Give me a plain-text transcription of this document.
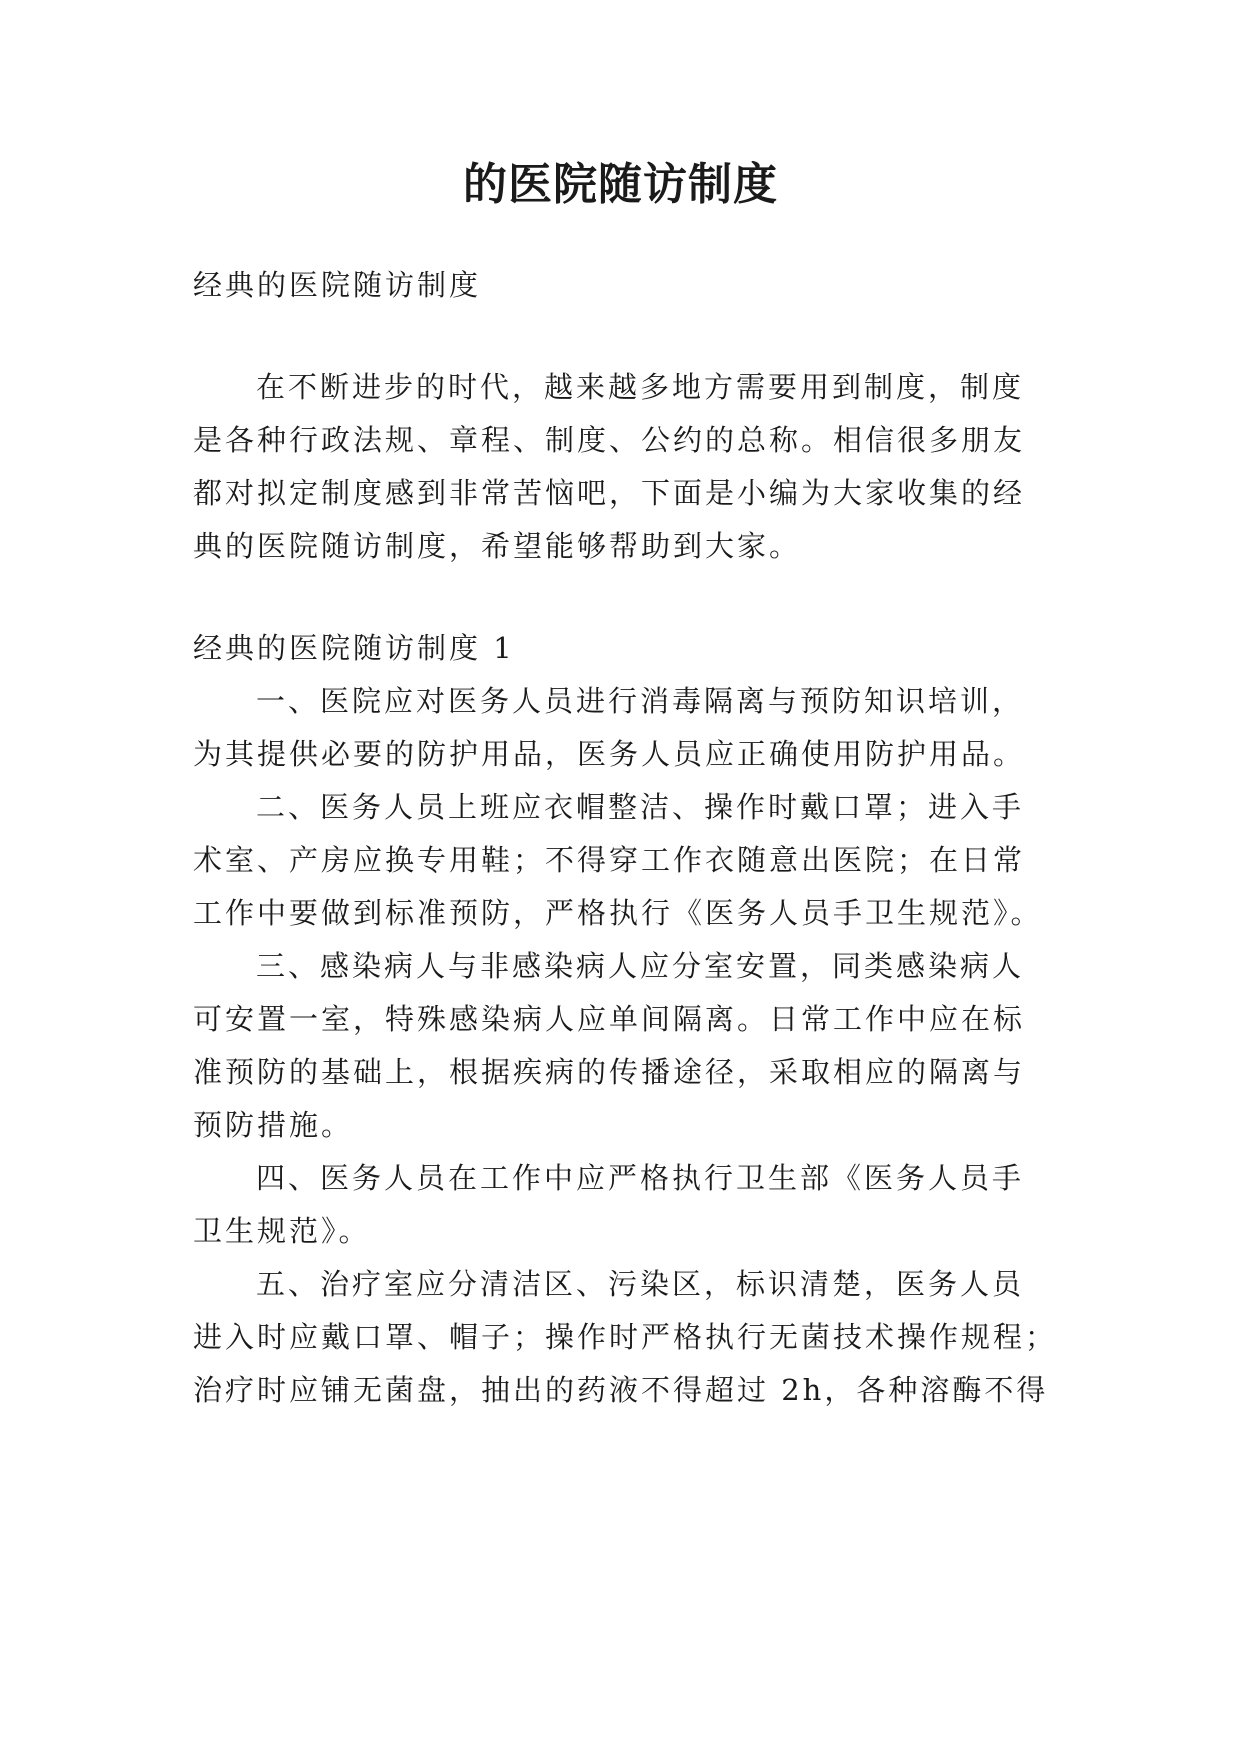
的医院随访制度
经典的医院随访制度
在不断进步的时代，越来越多地方需要用到制度，制度
是各种行政法规、章程、制度、公约的总称。相信很多朋友
都对拟定制度感到非常苦恼吧，下面是小编为大家收集的经
典的医院随访制度，希望能够帮助到大家。
经典的医院随访制度 1
一、医院应对医务人员进行消毒隔离与预防知识培训，
为其提供必要的防护用品，医务人员应正确使用防护用品。
二、医务人员上班应衣帽整洁、操作时戴口罩；进入手
术室、产房应换专用鞋；不得穿工作衣随意出医院；在日常
工作中要做到标准预防，严格执行《医务人员手卫生规范》。
三、感染病人与非感染病人应分室安置，同类感染病人
可安置一室，特殊感染病人应单间隔离。日常工作中应在标
准预防的基础上，根据疾病的传播途径，采取相应的隔离与
预防措施。
四、医务人员在工作中应严格执行卫生部《医务人员手
卫生规范》。
五、治疗室应分清洁区、污染区，标识清楚，医务人员
进入时应戴口罩、帽子；操作时严格执行无菌技术操作规程；
治疗时应铺无菌盘，抽出的药液不得超过 2h，各种溶酶不得
